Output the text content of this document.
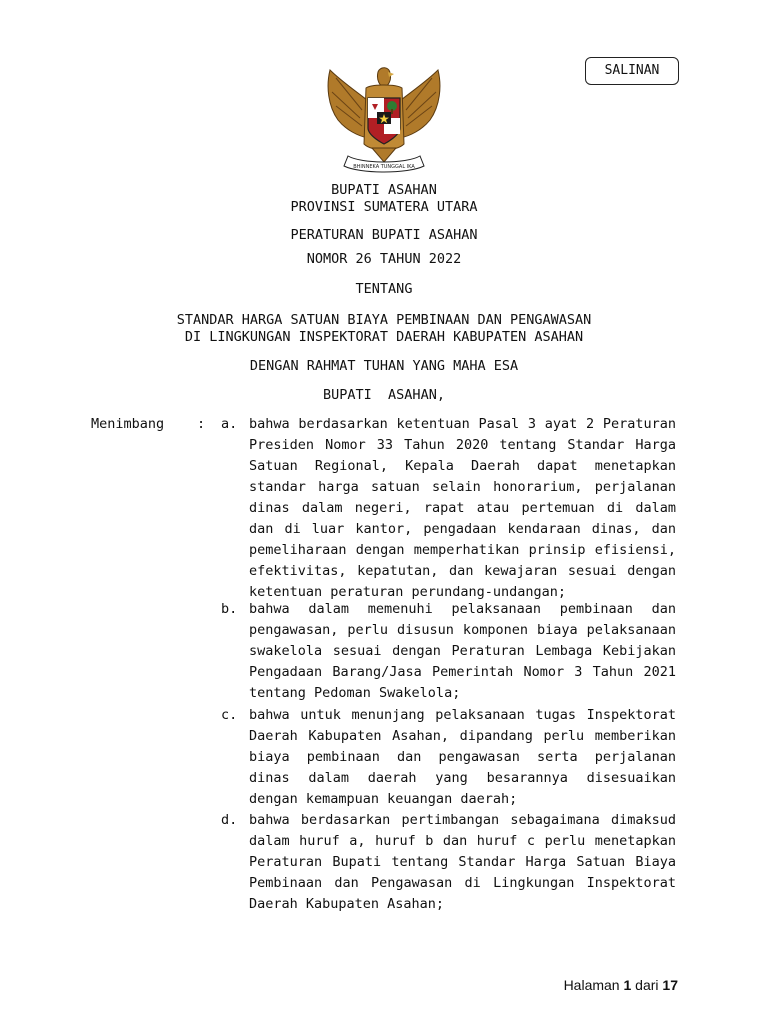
SALINAN
BHINNEKA TUNGGAL IKA
BUPATI ASAHAN
PROVINSI SUMATERA UTARA
PERATURAN BUPATI ASAHAN
NOMOR 26 TAHUN 2022
TENTANG
STANDAR HARGA SATUAN BIAYA PEMBINAAN DAN PENGAWASAN
DI LINGKUNGAN INSPEKTORAT DAERAH KABUPATEN ASAHAN
DENGAN RAHMAT TUHAN YANG MAHA ESA
BUPATI  ASAHAN,
Menimbang : a. bahwa berdasarkan ketentuan Pasal 3 ayat 2 Peraturan Presiden Nomor 33 Tahun 2020 tentang Standar Harga Satuan Regional, Kepala Daerah dapat menetapkan standar harga satuan selain honorarium, perjalanan dinas dalam negeri, rapat atau pertemuan di dalam dan di luar kantor, pengadaan kendaraan dinas, dan pemeliharaan dengan memperhatikan prinsip efisiensi, efektivitas, kepatutan, dan kewajaran sesuai dengan ketentuan peraturan perundang-undangan;
b. bahwa dalam memenuhi pelaksanaan pembinaan dan pengawasan, perlu disusun komponen biaya pelaksanaan swakelola sesuai dengan Peraturan Lembaga Kebijakan Pengadaan Barang/Jasa Pemerintah Nomor 3 Tahun 2021 tentang Pedoman Swakelola;
c. bahwa untuk menunjang pelaksanaan tugas Inspektorat Daerah Kabupaten Asahan, dipandang perlu memberikan biaya pembinaan dan pengawasan serta perjalanan dinas dalam daerah yang besarannya disesuaikan dengan kemampuan keuangan daerah;
d. bahwa berdasarkan pertimbangan sebagaimana dimaksud dalam huruf a, huruf b dan huruf c perlu menetapkan Peraturan Bupati tentang Standar Harga Satuan Biaya Pembinaan dan Pengawasan di Lingkungan Inspektorat Daerah Kabupaten Asahan;
Halaman 1 dari 17
